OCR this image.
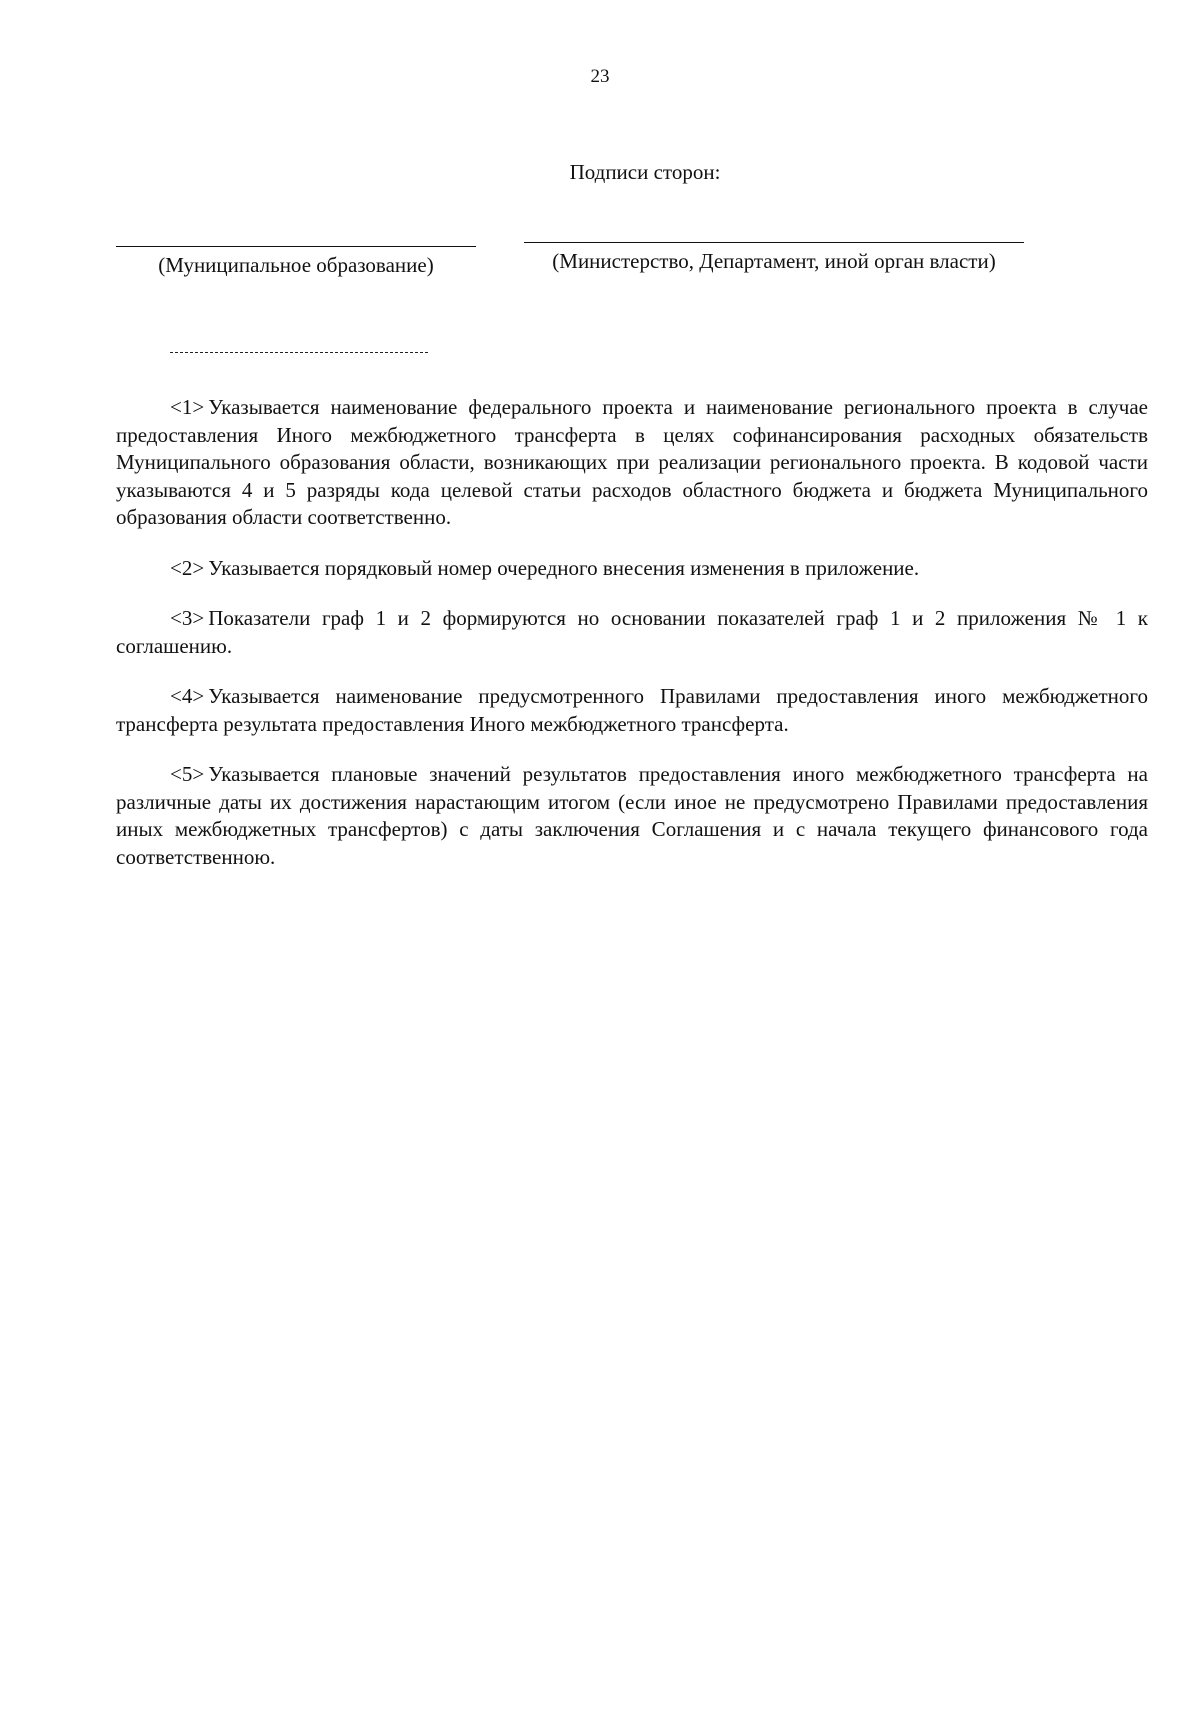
23
Подписи сторон:
(Муниципальное образование)	(Министерство, Департамент, иной орган власти)

<1> Указывается наименование федерального проекта и наименование регионального проекта в случае предоставления Иного межбюджетного трансферта в целях софинансирования расходных обязательств Муниципального образования области, возникающих при реализации регионального проекта. В кодовой части указываются 4 и 5 разряды кода целевой статьи расходов областного бюджета и бюджета Муниципального образования области соответственно.

<2> Указывается порядковый номер очередного внесения изменения в приложение.

<3> Показатели граф 1 и 2 формируются но основании показателей граф 1 и 2 приложения № 1 к соглашению.

<4> Указывается наименование предусмотренного Правилами предоставления иного межбюджетного трансферта результата предоставления Иного межбюджетного трансферта.

<5> Указывается плановые значений результатов предоставления иного межбюджетного трансферта на различные даты их достижения нарастающим итогом (если иное не предусмотрено Правилами предоставления иных межбюджетных трансфертов) с даты заключения Соглашения и с начала текущего финансового года соответственною.
